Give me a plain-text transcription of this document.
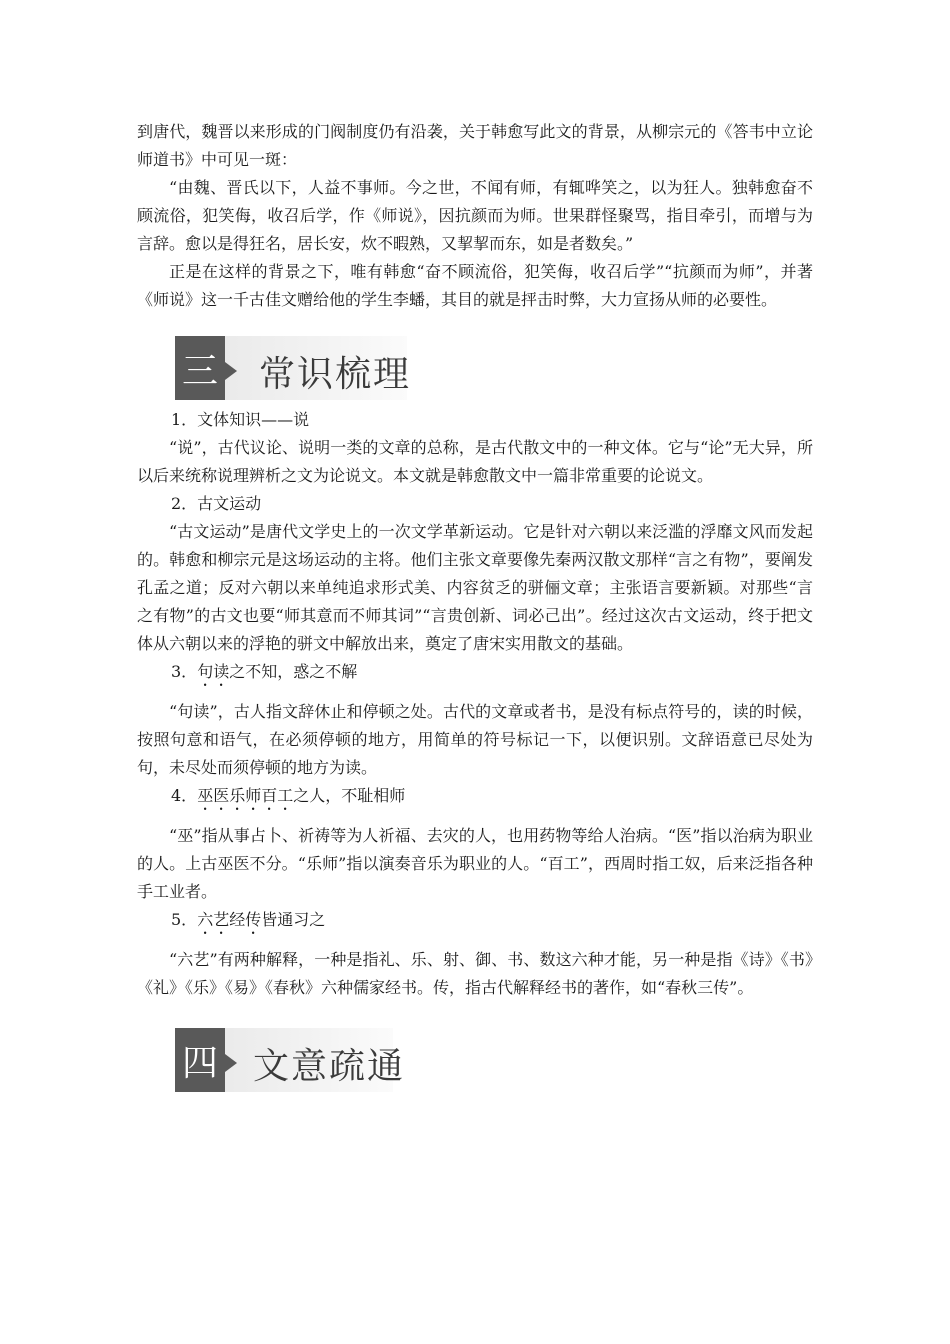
到唐代，魏晋以来形成的门阀制度仍有沿袭，关于韩愈写此文的背景，从柳宗元的《答韦中立论师道书》中可见一斑：

“由魏、晋氏以下，人益不事师。今之世，不闻有师，有辄哗笑之，以为狂人。独韩愈奋不顾流俗，犯笑侮，收召后学，作《师说》，因抗颜而为师。世果群怪聚骂，指目牵引，而增与为言辞。愈以是得狂名，居长安，炊不暇熟，又挈挈而东，如是者数矣。”

正是在这样的背景之下，唯有韩愈“奋不顾流俗，犯笑侮，收召后学”“抗颜而为师”，并著《师说》这一千古佳文赠给他的学生李蟠，其目的就是抨击时弊，大力宣扬从师的必要性。

三 常识梳理

1．文体知识——说

“说”，古代议论、说明一类的文章的总称，是古代散文中的一种文体。它与“论”无大异，所以后来统称说理辨析之文为论说文。本文就是韩愈散文中一篇非常重要的论说文。

2．古文运动

“古文运动”是唐代文学史上的一次文学革新运动。它是针对六朝以来泛滥的浮靡文风而发起的。韩愈和柳宗元是这场运动的主将。他们主张文章要像先秦两汉散文那样“言之有物”，要阐发孔孟之道；反对六朝以来单纯追求形式美、内容贫乏的骈俪文章；主张语言要新颖。对那些“言之有物”的古文也要“师其意而不师其词”“言贵创新、词必己出”。经过这次古文运动，终于把文体从六朝以来的浮艳的骈文中解放出来，奠定了唐宋实用散文的基础。

3．句读之不知，惑之不解

“句读”，古人指文辞休止和停顿之处。古代的文章或者书，是没有标点符号的，读的时候，按照句意和语气，在必须停顿的地方，用简单的符号标记一下，以便识别。文辞语意已尽处为句，未尽处而须停顿的地方为读。

4．巫医乐师百工之人，不耻相师

“巫”指从事占卜、祈祷等为人祈福、去灾的人，也用药物等给人治病。“医”指以治病为职业的人。上古巫医不分。“乐师”指以演奏音乐为职业的人。“百工”，西周时指工奴，后来泛指各种手工业者。

5．六艺经传皆通习之

“六艺”有两种解释，一种是指礼、乐、射、御、书、数这六种才能，另一种是指《诗》《书》《礼》《乐》《易》《春秋》六种儒家经书。传，指古代解释经书的著作，如“春秋三传”。

四 文意疏通
